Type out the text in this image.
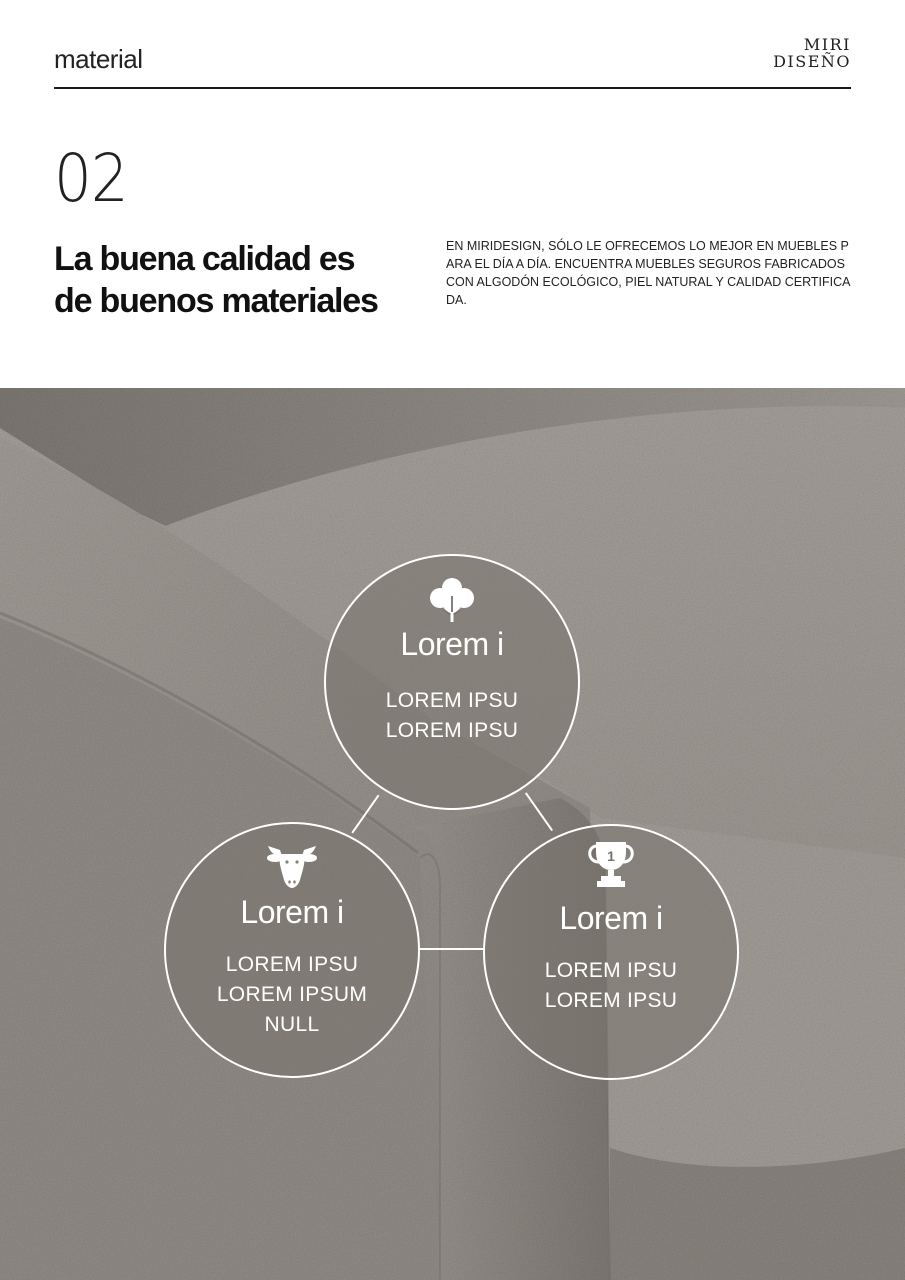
material	MIRI
DISEÑO
02
La buena calidad es
de buenos materiales
EN MIRIDESIGN, SÓLO LE OFRECEMOS LO MEJOR EN MUEBLES PARA EL DÍA A DÍA. ENCUENTRA MUEBLES SEGUROS FABRICADOS CON ALGODÓN ECOLÓGICO, PIEL NATURAL Y CALIDAD CERTIFICADA.
Lorem i
LOREM IPSU
LOREM IPSU
Lorem i
LOREM IPSU
LOREM IPSUM
NULL
1
Lorem i
LOREM IPSU
LOREM IPSU
